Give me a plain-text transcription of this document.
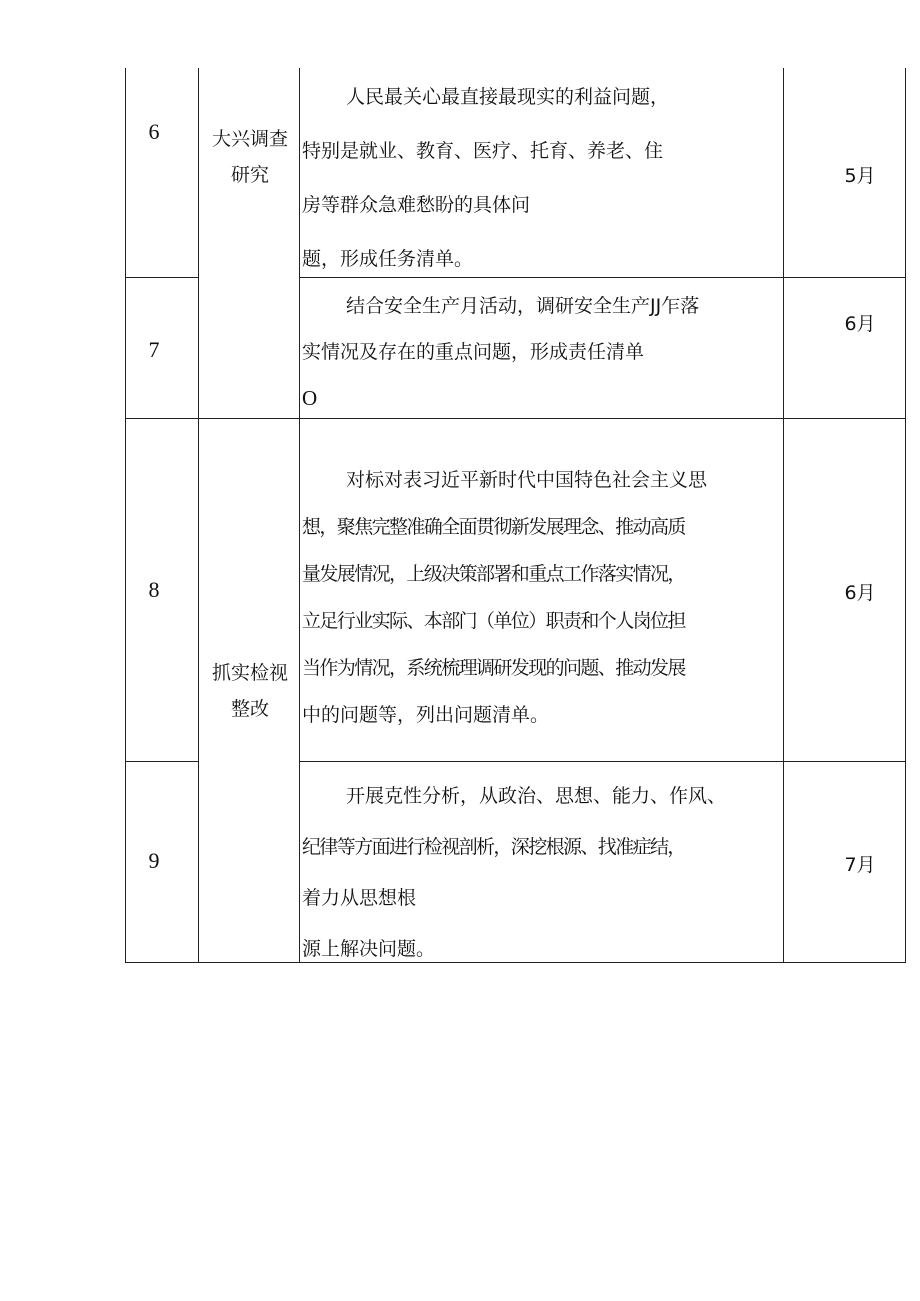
6
7
8
9
大兴调查
研究
抓实检视
整改

人民最关心最直接最现实的利益问题，

特别是就业、教育、医疗、托育、养老、住

房等群众急难愁盼的具体问

题，形成任务清单。

结合安全生产月活动，调研安全生产JJ乍落

实情况及存在的重点问题，形成责任清单

O

对标对表习近平新时代中国特色社会主义思

想，聚焦完整准确全面贯彻新发展理念、推动高质

量发展情况，上级决策部署和重点工作落实情况，

立足行业实际、本部门（单位）职责和个人岗位担

当作为情况，系统梳理调研发现的问题、推动发展

中的问题等，列出问题清单。

开展克性分析，从政治、思想、能力、作风、

纪律等方面进行检视剖析，深挖根源、找准症结，

着力从思想根

源上解决问题。

5月
6月
6月
7月
